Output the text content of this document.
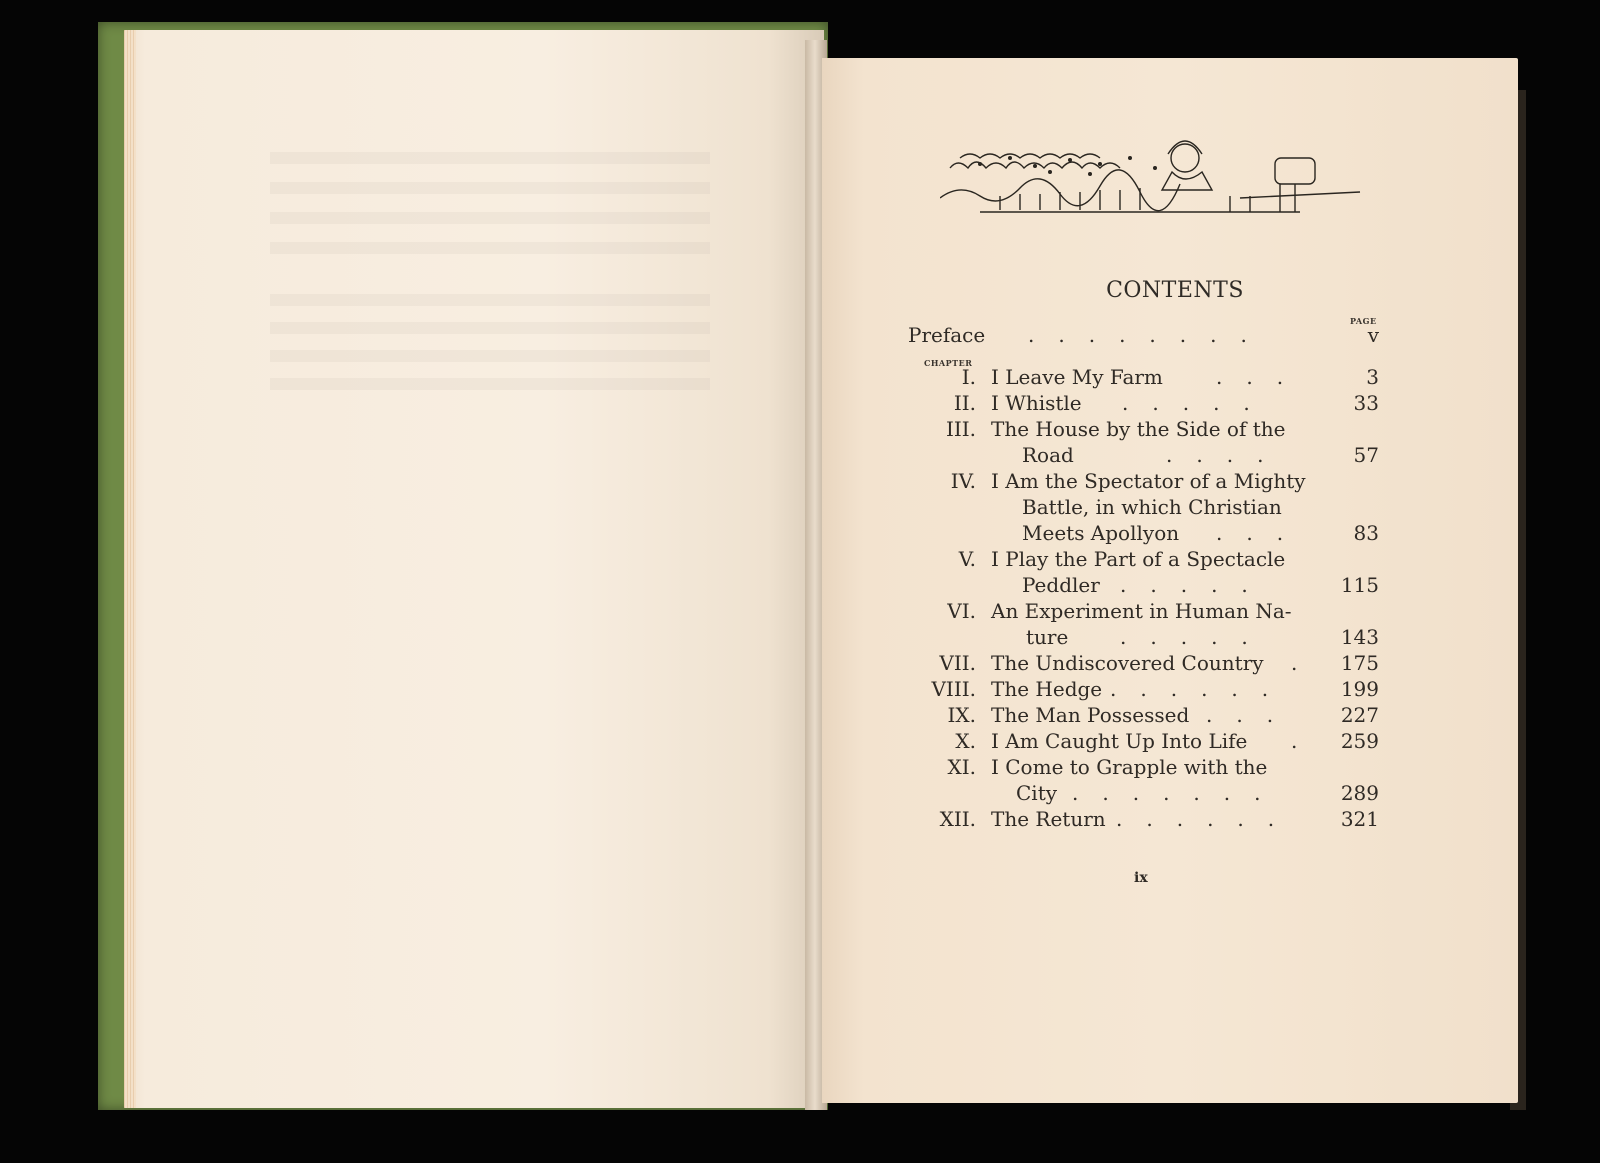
CONTENTS
PAGE
Preface ........	v
CHAPTER
I. I Leave My Farm	...	3
II. I Whistle .....	33
III. The House by the Side of the
Road	....	57
IV. I Am the Spectator of a Mighty
Battle, in which Christian
Meets Apollyon ...	83
V. I Play the Part of a Spectacle
Peddler .....	115
VI. An Experiment in Human Na-
ture	.....	143
VII. The Undiscovered Country . 175
VIII. The Hedge ......	199
IX. The Man Possessed ...	227
X. I Am Caught Up Into Life . 259
XI. I Come to Grapple with the
City .......	289
XII. The Return ......	321
ix
